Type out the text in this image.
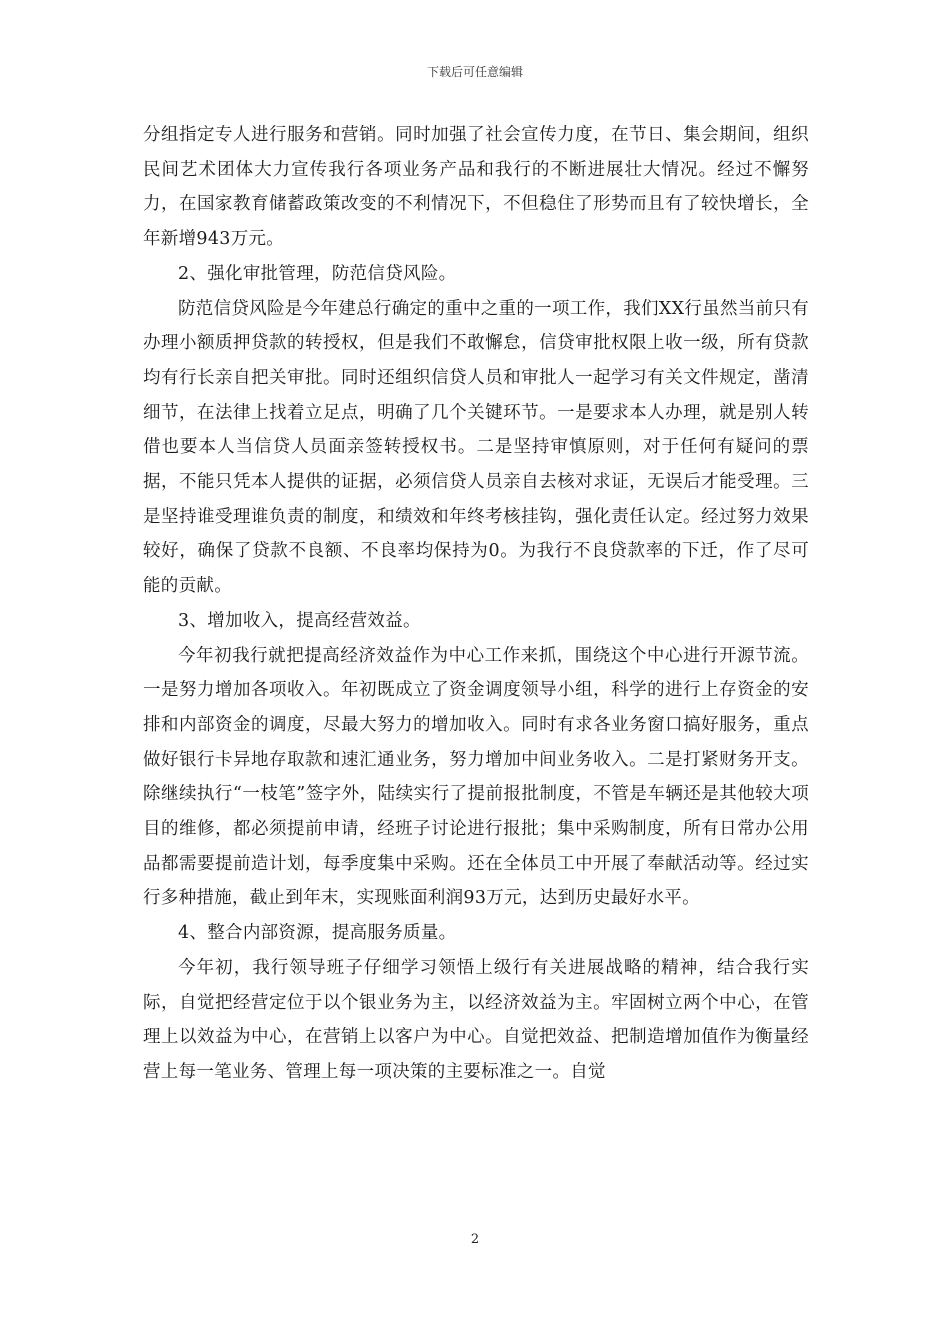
下载后可任意编辑

分组指定专人进行服务和营销。同时加强了社会宣传力度，在节日、集会期间，组织民间艺术团体大力宣传我行各项业务产品和我行的不断进展壮大情况。经过不懈努力，在国家教育储蓄政策改变的不利情况下，不但稳住了形势而且有了较快增长，全年新增943万元。

2、强化审批管理，防范信贷风险。

防范信贷风险是今年建总行确定的重中之重的一项工作，我们XX行虽然当前只有办理小额质押贷款的转授权，但是我们不敢懈怠，信贷审批权限上收一级，所有贷款均有行长亲自把关审批。同时还组织信贷人员和审批人一起学习有关文件规定，凿清细节，在法律上找着立足点，明确了几个关键环节。一是要求本人办理，就是别人转借也要本人当信贷人员面亲签转授权书。二是坚持审慎原则，对于任何有疑问的票据，不能只凭本人提供的证据，必须信贷人员亲自去核对求证，无误后才能受理。三是坚持谁受理谁负责的制度，和绩效和年终考核挂钩，强化责任认定。经过努力效果较好，确保了贷款不良额、不良率均保持为0。为我行不良贷款率的下迁，作了尽可能的贡献。

3、增加收入，提高经营效益。

今年初我行就把提高经济效益作为中心工作来抓，围绕这个中心进行开源节流。一是努力增加各项收入。年初既成立了资金调度领导小组，科学的进行上存资金的安排和内部资金的调度，尽最大努力的增加收入。同时有求各业务窗口搞好服务，重点做好银行卡异地存取款和速汇通业务，努力增加中间业务收入。二是打紧财务开支。除继续执行“一枝笔”签字外，陆续实行了提前报批制度，不管是车辆还是其他较大项目的维修，都必须提前申请，经班子讨论进行报批；集中采购制度，所有日常办公用品都需要提前造计划，每季度集中采购。还在全体员工中开展了奉献活动等。经过实行多种措施，截止到年末，实现账面利润93万元，达到历史最好水平。

4、整合内部资源，提高服务质量。

今年初，我行领导班子仔细学习领悟上级行有关进展战略的精神，结合我行实际，自觉把经营定位于以个银业务为主，以经济效益为主。牢固树立两个中心，在管理上以效益为中心，在营销上以客户为中心。自觉把效益、把制造增加值作为衡量经营上每一笔业务、管理上每一项决策的主要标准之一。自觉

2
